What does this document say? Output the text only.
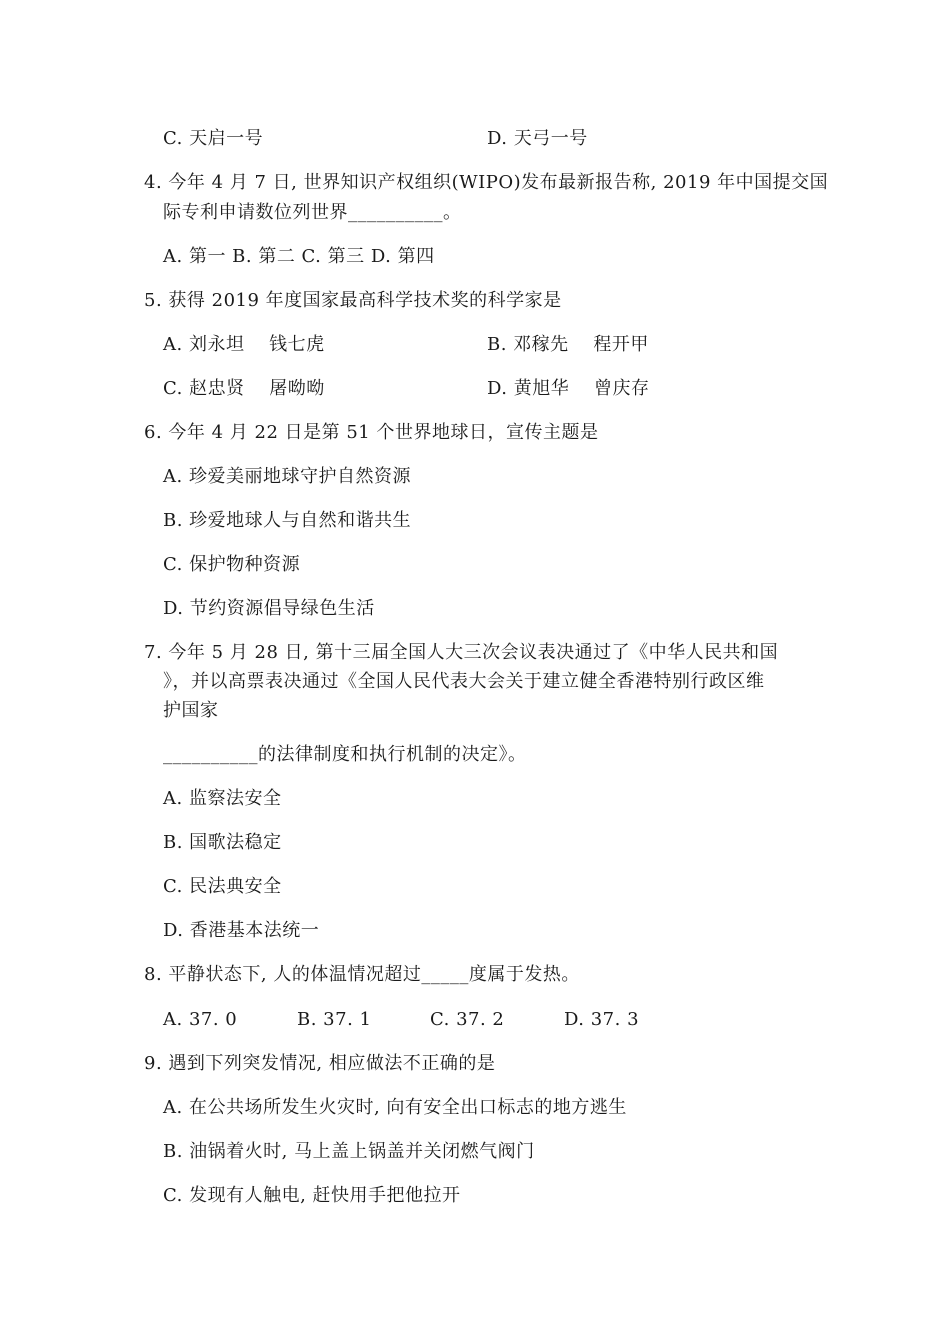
C. 天启一号	D. 天弓一号
4. 今年 4 月 7 日, 世界知识产权组织(WIPO)发布最新报告称, 2019 年中国提交国
际专利申请数位列世界__________。
A. 第一 B. 第二 C. 第三 D. 第四
5. 获得 2019 年度国家最高科学技术奖的科学家是
A. 刘永坦　 钱七虎	B. 邓稼先　 程开甲
C. 赵忠贤　 屠呦呦	D. 黄旭华　 曾庆存
6. 今年 4 月 22 日是第 51 个世界地球日，宣传主题是
A. 珍爱美丽地球守护自然资源
B. 珍爱地球人与自然和谐共生
C. 保护物种资源
D. 节约资源倡导绿色生活
7. 今年 5 月 28 日, 第十三届全国人大三次会议表决通过了《中华人民共和国
》，并以高票表决通过《全国人民代表大会关于建立健全香港特别行政区维
护国家
__________的法律制度和执行机制的决定》。
A. 监察法安全
B. 国歌法稳定
C. 民法典安全
D. 香港基本法统一
8. 平静状态下, 人的体温情况超过_____度属于发热。
A. 37. 0	B. 37. 1	C. 37. 2	D. 37. 3
9. 遇到下列突发情况, 相应做法不正确的是
A. 在公共场所发生火灾时, 向有安全出口标志的地方逃生
B. 油锅着火时, 马上盖上锅盖并关闭燃气阀门
C. 发现有人触电, 赶快用手把他拉开
